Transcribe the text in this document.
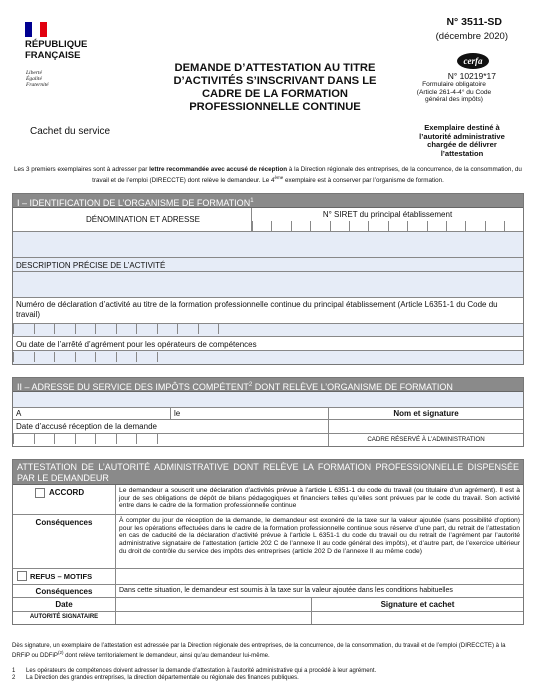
RÉPUBLIQUE
FRANÇAISE
Liberté
Égalité
Fraternité
Cachet du service
DEMANDE D’ATTESTATION AU TITRE
D’ACTIVITÉS S’INSCRIVANT DANS LE
CADRE DE LA FORMATION
PROFESSIONNELLE CONTINUE
N° 3511-SD
(décembre 2020)
cerfa
N° 10219*17
Formulaire obligatoire
(Article 261-4-4° du Code
général des impôts)
Exemplaire destiné à
l’autorité administrative
chargée de délivrer
l’attestation
Les 3 premiers exemplaires sont à adresser par lettre recommandée avec accusé de réception à la Direction régionale des entreprises, de la concurrence, de la consommation, du travail et de l’emploi (DIRECCTE) dont relève le demandeur. Le 4ème exemplaire est à conserver par l’organisme de formation.
I – IDENTIFICATION DE L’ORGANISME DE FORMATION$^1$
DÉNOMINATION ET ADRESSE
N° SIRET du principal établissement
DESCRIPTION PRÉCISE DE L’ACTIVITÉ
Numéro de déclaration d’activité au titre de la formation professionnelle continue du principal établissement (Article L6351-1 du Code du travail)
Ou date de l’arrêté d’agrément pour les opérateurs de compétences
II – ADRESSE DU SERVICE DES IMPÔTS COMPÉTENT$^2$ DONT RELÈVE L’ORGANISME DE FORMATION
A	le	Nom et signature
Date d’accusé réception de la demande
CADRE RÉSERVÉ À L’ADMINISTRATION
ATTESTATION DE L’AUTORITÉ ADMINISTRATIVE DONT RELÈVE LA FORMATION PROFESSIONNELLE DISPENSÉE PAR LE DEMANDEUR
ACCORD	Le demandeur a souscrit une déclaration d’activités prévue à l’article L 6351-1 du code du travail (ou titulaire d’un agrément). Il est à jour de ses obligations de dépôt de bilans pédagogiques et financiers telles qu’elles sont prévues par le code du travail. Son activité entre dans le cadre de la formation professionnelle continue
Conséquences	À compter du jour de réception de la demande, le demandeur est exonéré de la taxe sur la valeur ajoutée (sans possibilité d’option) pour les opérations effectuées dans le cadre de la formation professionnelle continue sous réserve d’une part, du retrait de l’attestation en cas de caducité de la déclaration d’activité prévue à l’article L 6351-1 du code du travail ou du retrait de l’agrément par l’autorité administrative signataire de l’attestation (article 202 C de l’annexe II au code général des impôts), et d’autre part, de l’exercice ultérieur du droit de contrôle du service des impôts des entreprises (article 202 D de l’annexe II au même code)
REFUS – MOTIFS
Conséquences	Dans cette situation, le demandeur est soumis à la taxe sur la valeur ajoutée dans les conditions habituelles
Date	Signature et cachet
AUTORITÉ SIGNATAIRE
Dès signature, un exemplaire de l’attestation est adressée par la Direction régionale des entreprises, de la concurrence, de la consommation, du travail et de l’emploi (DIRECCTE) à la DRFiP ou DDFiP$^{(2)}$ dont relève territorialement le demandeur, ainsi qu’au demandeur lui-même.
1 Les opérateurs de compétences doivent adresser la demande d’attestation à l’autorité administrative qui a procédé à leur agrément.
2 La Direction des grandes entreprises, la direction départementale ou régionale des finances publiques.
